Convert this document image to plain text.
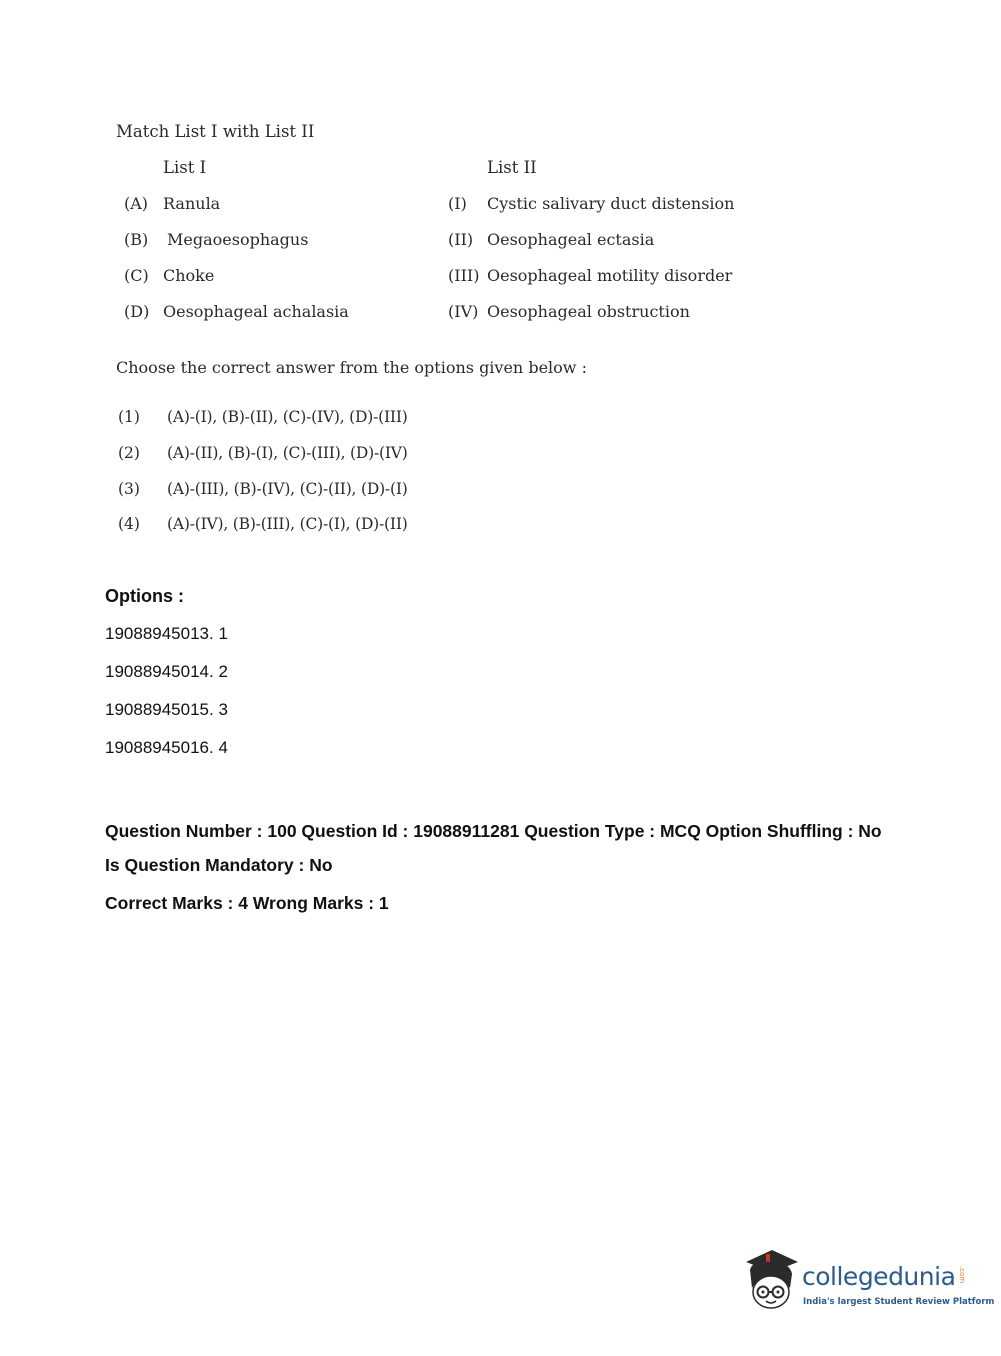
Match List I with List II
List I	List II
(A) Ranula	(I) Cystic salivary duct distension
(B) Megaoesophagus	(II) Oesophageal ectasia
(C) Choke	(III) Oesophageal motility disorder
(D) Oesophageal achalasia	(IV) Oesophageal obstruction
Choose the correct answer from the options given below :
(1) (A)-(I), (B)-(II), (C)-(IV), (D)-(III)
(2) (A)-(II), (B)-(I), (C)-(III), (D)-(IV)
(3) (A)-(III), (B)-(IV), (C)-(II), (D)-(I)
(4) (A)-(IV), (B)-(III), (C)-(I), (D)-(II)
Options :
19088945013. 1
19088945014. 2
19088945015. 3
19088945016. 4
Question Number : 100 Question Id : 19088911281 Question Type : MCQ Option Shuffling : No
Is Question Mandatory : No
Correct Marks : 4 Wrong Marks : 1
collegedunia .com
India's largest Student Review Platform
